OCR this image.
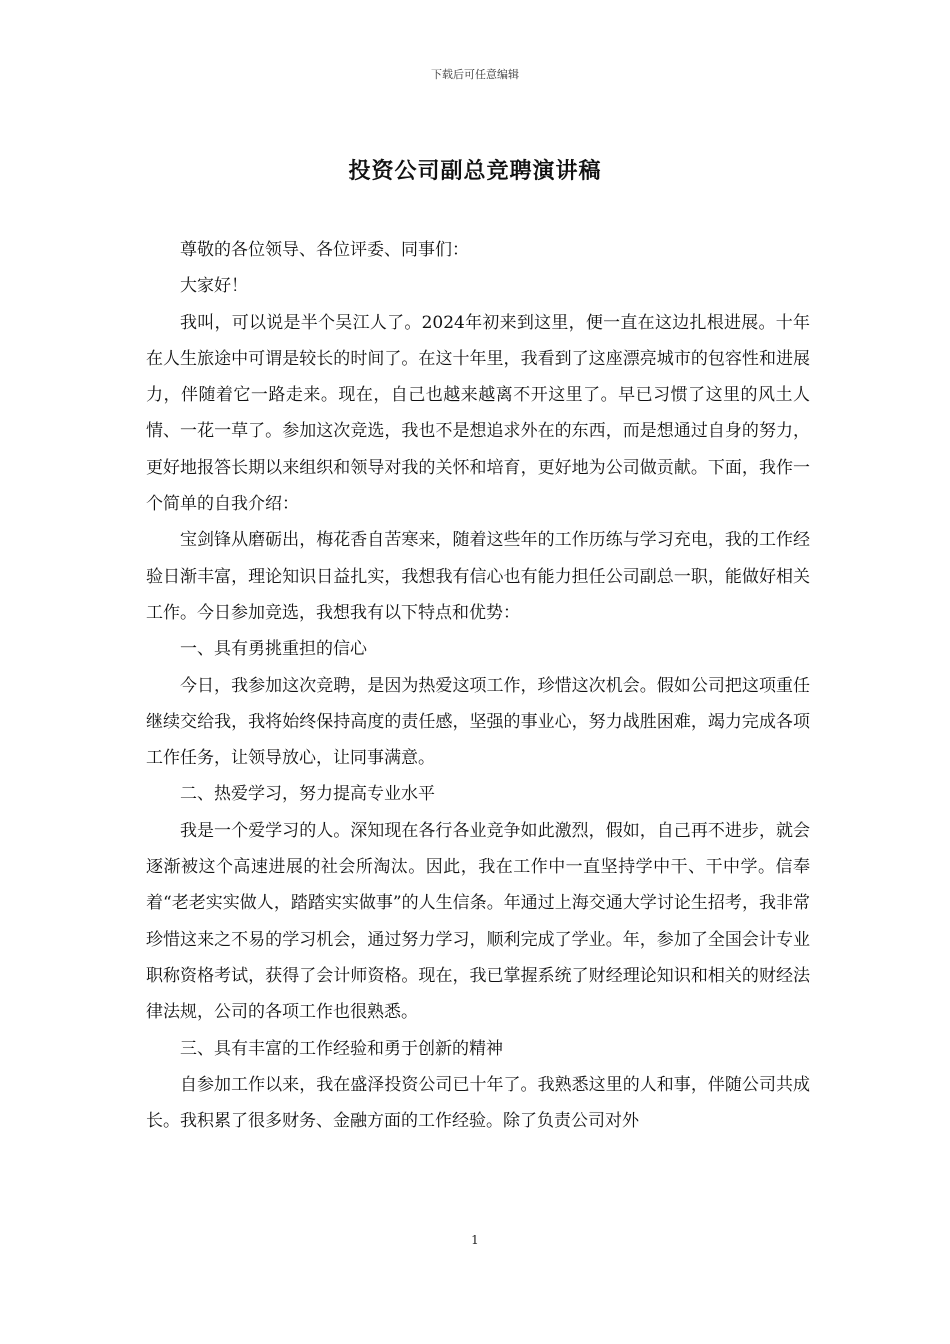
下载后可任意编辑
投资公司副总竞聘演讲稿

尊敬的各位领导、各位评委、同事们：

大家好！

我叫，可以说是半个吴江人了。2024年初来到这里，便一直在这边扎根进展。十年在人生旅途中可谓是较长的时间了。在这十年里，我看到了这座漂亮城市的包容性和进展力，伴随着它一路走来。现在，自己也越来越离不开这里了。早已习惯了这里的风土人情、一花一草了。参加这次竞选，我也不是想追求外在的东西，而是想通过自身的努力，更好地报答长期以来组织和领导对我的关怀和培育，更好地为公司做贡献。下面，我作一个简单的自我介绍：

宝剑锋从磨砺出，梅花香自苦寒来，随着这些年的工作历练与学习充电，我的工作经验日渐丰富，理论知识日益扎实，我想我有信心也有能力担任公司副总一职，能做好相关工作。今日参加竞选，我想我有以下特点和优势：

一、具有勇挑重担的信心

今日，我参加这次竞聘，是因为热爱这项工作，珍惜这次机会。假如公司把这项重任继续交给我，我将始终保持高度的责任感，坚强的事业心，努力战胜困难，竭力完成各项工作任务，让领导放心，让同事满意。

二、热爱学习，努力提高专业水平

我是一个爱学习的人。深知现在各行各业竞争如此激烈，假如，自己再不进步，就会逐渐被这个高速进展的社会所淘汰。因此，我在工作中一直坚持学中干、干中学。信奉着“老老实实做人，踏踏实实做事”的人生信条。年通过上海交通大学讨论生招考，我非常珍惜这来之不易的学习机会，通过努力学习，顺利完成了学业。年，参加了全国会计专业职称资格考试，获得了会计师资格。现在，我已掌握系统了财经理论知识和相关的财经法律法规，公司的各项工作也很熟悉。

三、具有丰富的工作经验和勇于创新的精神

自参加工作以来，我在盛泽投资公司已十年了。我熟悉这里的人和事，伴随公司共成长。我积累了很多财务、金融方面的工作经验。除了负责公司对外

1
